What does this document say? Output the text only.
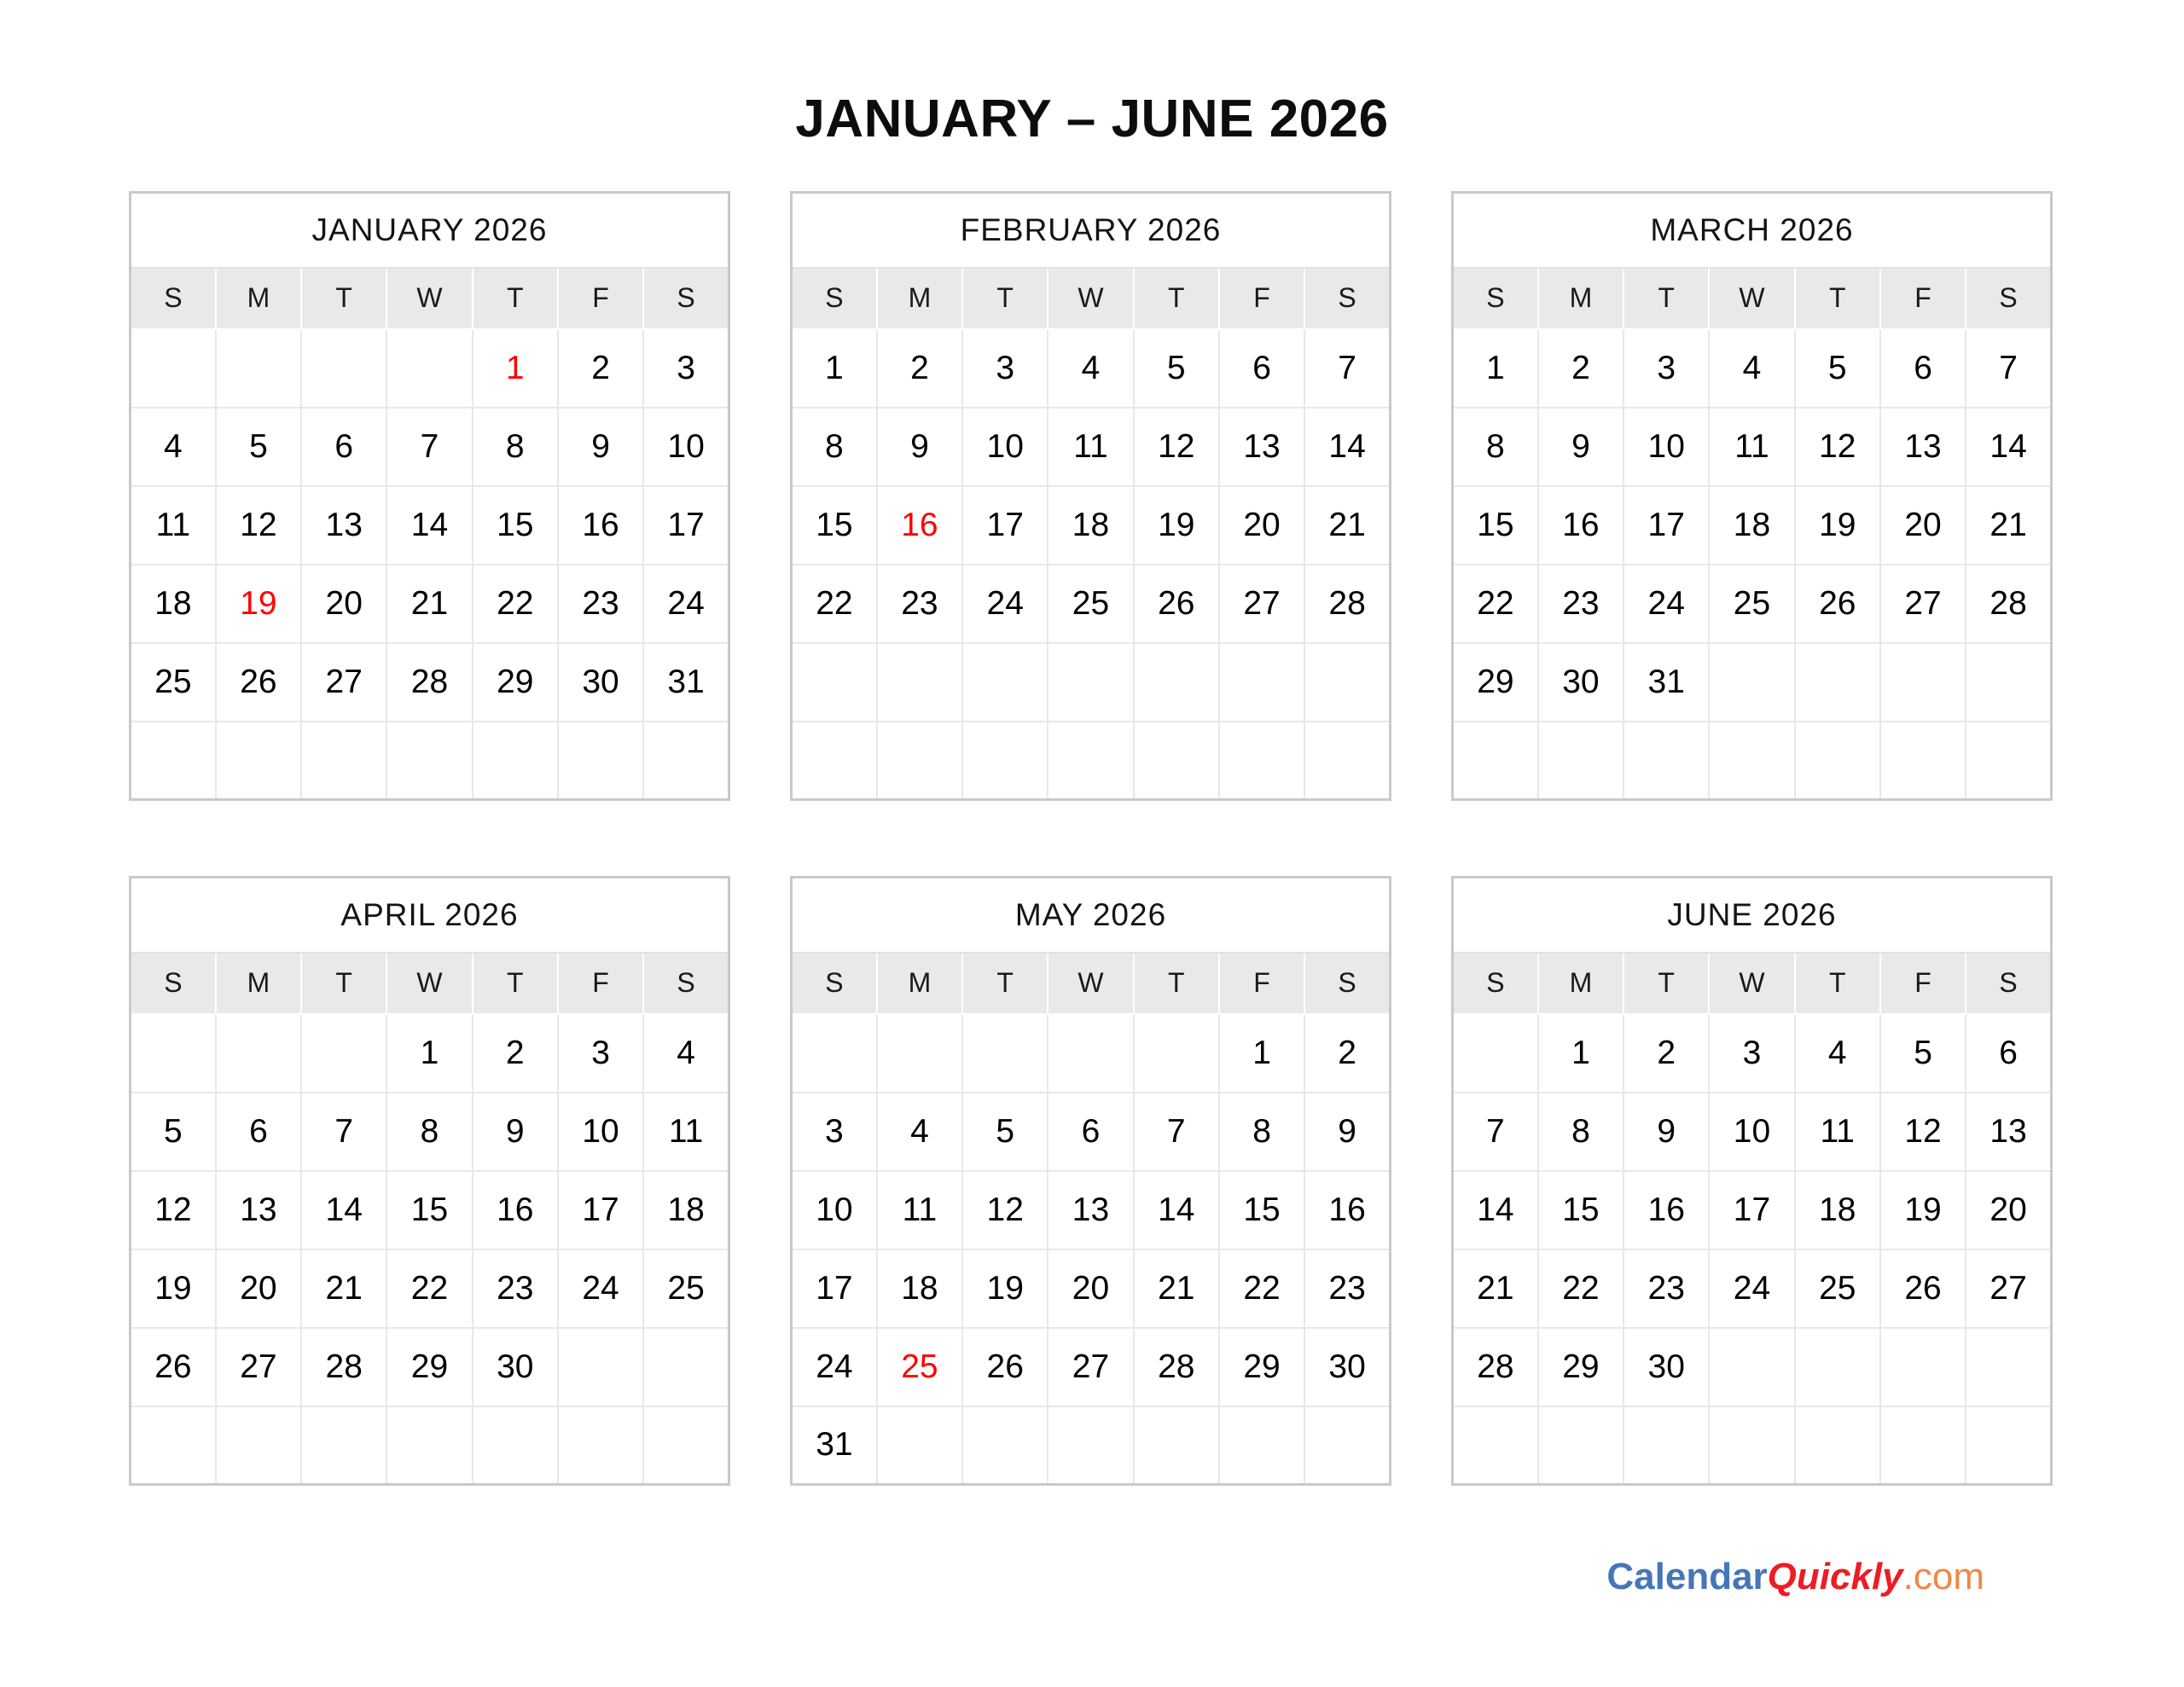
JANUARY – JUNE 2026
JANUARY 2026						
S	M	T	W	T	F	S
				1	2	3
4	5	6	7	8	9	10
11	12	13	14	15	16	17
18	19	20	21	22	23	24
25	26	27	28	29	30	31

FEBRUARY 2026						
S	M	T	W	T	F	S
1	2	3	4	5	6	7
8	9	10	11	12	13	14
15	16	17	18	19	20	21
22	23	24	25	26	27	28

MARCH 2026						
S	M	T	W	T	F	S
1	2	3	4	5	6	7
8	9	10	11	12	13	14
15	16	17	18	19	20	21
22	23	24	25	26	27	28
29	30	31				

APRIL 2026						
S	M	T	W	T	F	S
			1	2	3	4
5	6	7	8	9	10	11
12	13	14	15	16	17	18
19	20	21	22	23	24	25
26	27	28	29	30		

MAY 2026						
S	M	T	W	T	F	S
					1	2
3	4	5	6	7	8	9
10	11	12	13	14	15	16
17	18	19	20	21	22	23
24	25	26	27	28	29	30
31						
JUNE 2026						
S	M	T	W	T	F	S
	1	2	3	4	5	6
7	8	9	10	11	12	13
14	15	16	17	18	19	20
21	22	23	24	25	26	27
28	29	30				

CalendarQuickly.com
